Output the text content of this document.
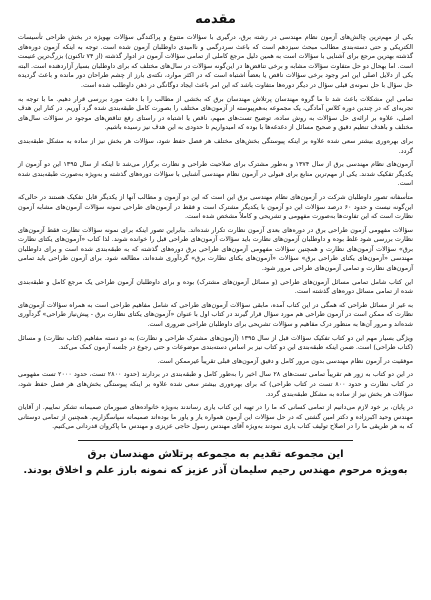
مقدمه

یکی از مهم‌ترین چالش‌های آزمون نظام مهندسی در رشته برق، درگیری با سؤالات متنوع و پراکندگی سؤالات بهویژه در بخش طراحی تأسیسات الکتریکی و حتی دسته‌بندی مطالب مبحث سیزدهم است که باعث سردرگمی و ناامیدی داوطلبان آزمون شده است. توجه به اینکه آزمون دوره‌های گذشته بهترین مرجع برای آشنایی با سؤالات است به همین دلیل مرجع کاملی از تمامی سؤالات آزمون در ادوار گذشته (از ۷۴ تاکنون) بزرگ‌ترین غنیمت است. اما بهحال دو حل متفاوت سؤالات مشابه و برخی تناقض‌ها در این‌گونه سؤالات در سال‌های مختلف که برای داوطلبان بسیار آزاردهنده است. البته یکی از دلایل اصلی این امر وجود برخی سؤالات ناقص یا بعضاً اشتباه است که در اکثر موارد، نکته‌ی بارز از چشم طراحان دور مانده و باعث گردیده حل سؤال با حل نمونه‌ی قبلی سؤال در دیگر دوره‌ها متفاوت باشد که این امر باعث ایجاد دوگانگی در ذهن داوطلب شده است.

تمامی این مشکلات باعث شد تا ما گروه مهندسان پرتلاش مهندسان برق که بخشی از مطالب را با دقت مورد بررسی قرار دهیم. ما با توجه به تجربه‌ای که در چندین دوره کلاس آمادگی، یک مجموعه به‌هم‌پیوسته از آزمون‌های مختلف را بصورت کامل طبقه‌بندی شده گرد آوریم. در کنار این هدف اصلی، علاوه بر ارائه‌ی حل سؤالات به روش ساده، توضیح تست‌های مبهم، ناقص یا اشتباه در راستای رفع تناقض‌های موجود در سؤالات سال‌های مختلف و باهدف تنظیم دقیق و صحیح مسائل از دغدغه‌ها با بوده که امیدواریم تا حدودی به این هدف نیز رسیده باشیم.

برای بهره‌وری بیشتر سعی شده علاوه بر اینکه پیوستگی بخش‌های مختلف هر فصل حفظ شود، سؤالات هر بخش نیز از ساده به مشکل طبقه‌بندی گردد.

آزمون‌های نظام مهندسی برق از سال ۱۳۷۴ و به‌طور مشترک برای صلاحیت طراحی و نظارت برگزار می‌شد تا اینکه از سال ۱۳۹۵ این دو آزمون از یکدیگر تفکیک شدند. یکی از مهم‌ترین منابع برای قبولی در آزمون نظام مهندسی آشنایی با سؤالات دوره‌های گذشته و به‌ویژه به‌صورت طبقه‌بندی شده است.

متأسفانه تصور داوطلبان شرکت در آزمون‌های نظام مهندسی برق این است که این دو آزمون و مطالب آنها از یکدیگر قابل تفکیک هستند در حالی‌که این‌گونه نیست و حدود ۶۰ درصد سؤالات این دو آزمون با یکدیگر مشترک است و فقط در آزمون‌های طراحی نمونه سؤالات آزمون‌های مشابه آزمون نظارت است که این تفاوت‌ها به‌صورت مفهومی و تشریحی و کاملاً مشخص شده است.

سؤالات مفهومی آزمون طراحی برق در دوره‌های بعدی آزمون نظارت تکرار شده‌اند. بنابراین تصور اینکه برای نمونه سؤالات نظارت فقط آزمون‌های نظارت بررسی شود غلط بوده و داوطلبان آزمون‌های نظارت باید سؤالات آزمون‌های طراحی قبل را خوانده شوند. لذا کتاب «آزمون‌های یکتای نظارت برق» سؤالات آزمون‌های نظارت و همچنین سؤالات مفهومی آزمون‌های طراحی برق دوره‌های گذشته که به طبقه‌بندی شده است و برای داوطلبان مهندسی «آزمون‌های یکتای طراحی برق» سؤالات «آزمون‌های یکتای نظارت برق» گردآوری شده‌اند، مطالعه شود. برای آزمون طراحی باید تمامی آزمون‌های نظارت و تمامی آزمون‌های طراحی مرور شود.

این کتاب شامل تمامی مسائل آزمون‌های طراحی (و مسائل آزمون‌های مشترک) بوده و برای داوطلبان آزمون طراحی یک مرجع کامل و طبقه‌بندی شده از تمامی مسائل دوره‌های گذشته است.

به غیر از مسائل طراحی که همگی در این کتاب آمده، مابقی سؤالات آزمون‌های طراحی که شامل مفاهیم طراحی است به همراه سؤالات آزمون‌های نظارت که ممکن است در آزمون طراحی هم مورد سؤال قرار گیرند در کتاب اول با عنوان «آزمون‌های یکتای نظارت برق - پیش‌نیاز طراحی» گردآوری شده‌اند و مرور آن‌ها به منظور درک مفاهیم و سؤالات تشریحی برای داوطلبان طراحی ضروری است.

ویژگی بسیار مهم این دو کتاب تفکیک سؤالات قبل از سال ۱۳۹۵ (آزمون‌های مشترک طراحی و نظارت) به دو دسته مفاهیم (کتاب نظارت) و مسائل (کتاب طراحی) است. ضمن اینکه طبقه‌بندی این دو کتاب نیز بر اساس دسته‌بندی موضوعات و حتی رجوع در جلسه آزمون کمک می‌کند.

موفقیت در آزمون نظام مهندسی بدون مرور کامل و دقیق آزمون‌های قبلی تقریباً غیرممکن است.

در این دو کتاب به زور هم تقریباً تمامی تست‌های ۲۸ سال اخیر را به‌طور کامل و طبقه‌بندی در بردارند (حدود ۲۸۰۰ تست، حدود ۲۰۰۰ تست مفهومی در کتاب نظارت و حدود ۸۰۰ تست در کتاب طراحی) که برای بهره‌وری بیشتر سعی شده علاوه بر اینکه پیوستگی بخش‌های هر فصل حفظ شود، سؤالات هر بخش نیز از ساده به مشکل طبقه‌بندی گردد.

در پایان، بر خود لازم می‌دانیم از تمامی کسانی که ما را در تهیه این کتاب یاری رساندند به‌ویژه خانواده‌های صبورمان صمیمانه تشکر نماییم. از آقایان مهندس وحید اکبرزاده و دکتر امین گشتی که در حل سؤالات این آزمون همواره یار و یاور ما بوده‌اند صمیمانه سپاسگزاریم. همچنین از تمامی دوستانی که به هر طریقی ما را در اصلاح تولیف کتاب یاری نمودند به‌ویژه آقای مهندس رسول حاجی عزیزی و مهندس ما پاکروان قدردانی می‌کنیم.

این مجموعه تقدیم به مجموعه پرتلاش مهندسان برق

به‌ویژه مرحوم مهندس رحیم سلیمان آذر عزیز که نمونه بارز علم و اخلاق بودند.
